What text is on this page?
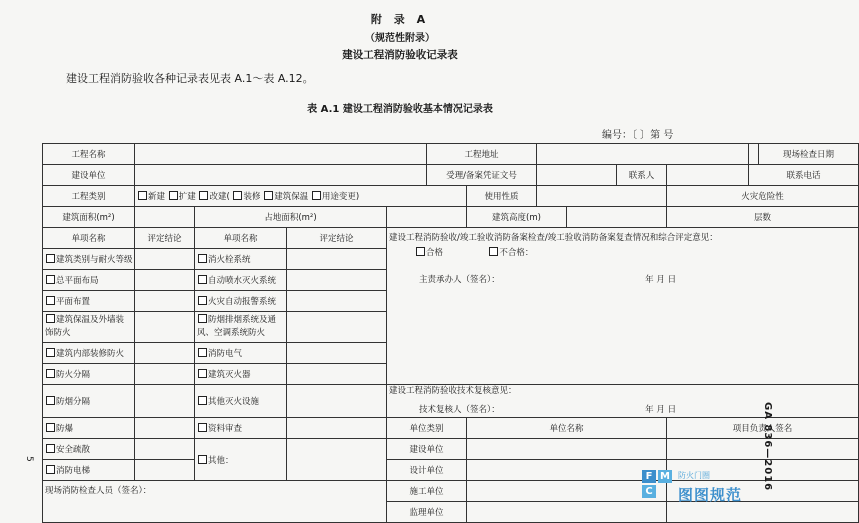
附 录 A
（规范性附录）
建设工程消防验收记录表
建设工程消防验收各种记录表见表 A.1～表 A.12。
表 A.1 建设工程消防验收基本情况记录表
编号：〔 〕第 号
工程名称					工程地址							现场检查日期
建设单位					受理/备案凭证文号				联系人		联系电话	
工程类别	新建 扩建 改建( 装修 建筑保温 用途变更)					使用性质				火灾危险性		
建筑面积(m²)		占地面积(m²)				建筑高度(m)				层数		
单项名称	评定结论	单项名称	评定结论	建设工程消防验收/竣工验收消防备案检查/竣工验收消防备案复查情况和综合评定意见：

合格 不合格：

主责承办人（签名）： 年 月 日								

建筑类别与耐火等级		消火栓系统										
总平面布局		自动喷水灭火系统										
平面布置		火灾自动报警系统										
建筑保温及外墙装饰防火		防烟排烟系统及通风、空调系统防火										
建筑内部装修防火		消防电气										
防火分隔		建筑灭火器										
防烟分隔		其他灭火设施		建设工程消防验收技术复核意见：

技术复核人（签名）： 年 月 日								

防爆		资料审查		单位类别		单位名称				项目负责人签名		
安全疏散		其他：		建设单位								
消防电梯				设计单位								
现场消防检查人员（签名）：				施工单位								
				监理单位								
GA 836—2016
5
F M
C
防火门圈
图图规范
